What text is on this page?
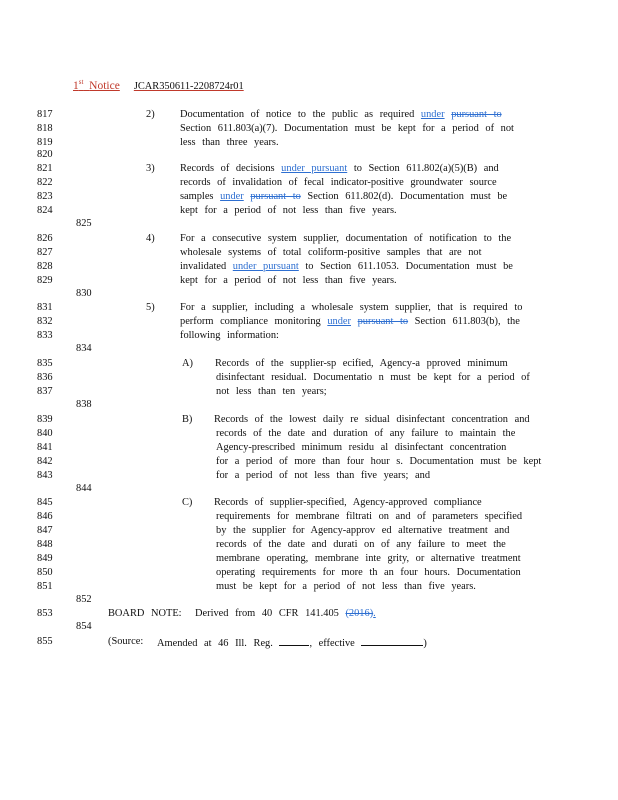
1st Notice JCAR350611-2208724r01
817	2) Documentation of notice to the public as required under pursuant to
818	Section 611.803(a)(7). Documentation must be kept for a period of not
819	less than three years.
820
821	3) Records of decisions under pursuant to Section 611.802(a)(5)(B) and
822	records of invalidation of fecal indicator-positive groundwater source
823	samples under pursuant to Section 611.802(d). Documentation must be
824	kept for a period of not less than five years.
825
826	4) For a consecutive system supplier, documentation of notification to the
827	wholesale systems of total coliform-positive samples that are not
828	invalidated under pursuant to Section 611.1053. Documentation must be
829	kept for a period of not less than five years.
830
831	5) For a supplier, including a wholesale system supplier, that is required to
832	perform compliance monitoring under pursuant to Section 611.803(b), the
833	following information:
834
835	A) Records of the supplier-sp ecified, Agency-a pproved minimum
836	disinfectant residual. Documentatio n must be kept for a period of
837	not less than ten years;
838
839	B) Records of the lowest daily re sidual disinfectant concentration and
840	records of the date and duration of any failure to maintain the
841	Agency-prescribed minimum residu al disinfectant concentration
842	for a period of more than four hour s. Documentation must be kept
843	for a period of not less than five years; and
844
845	C) Records of supplier-specified, Agency-approved compliance
846	requirements for membrane filtrati on and of parameters specified
847	by the supplier for Agency-approv ed alternative treatment and
848	records of the date and durati on of any failure to meet the
849	membrane operating, membrane inte grity, or alternative treatment
850	operating requirements for more th an four hours. Documentation
851	must be kept for a period of not less than five years.
852
853	BOARD NOTE: Derived from 40 CFR 141.405 (2016).
854
855	(Source: Amended at 46 Ill. Reg.	, effective	)
